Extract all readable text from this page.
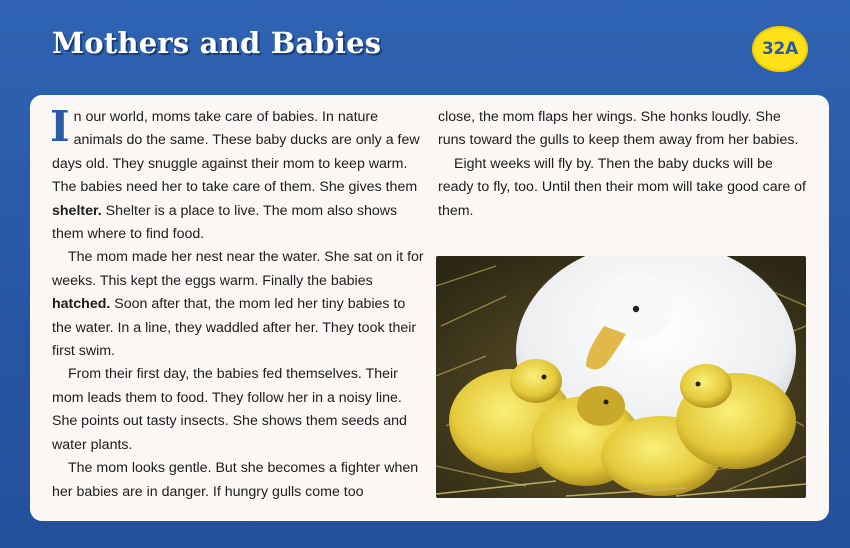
Mothers and Babies	32A

In our world, moms take care of babies. In nature animals do the same. These baby ducks are only a few days old. They snuggle against their mom to keep warm. The babies need her to take care of them. She gives them shelter. Shelter is a place to live. The mom also shows them where to find food.

The mom made her nest near the water. She sat on it for weeks. This kept the eggs warm. Finally the babies hatched. Soon after that, the mom led her tiny babies to the water. In a line, they waddled after her. They took their first swim.

From their first day, the babies fed themselves. Their mom leads them to food. They follow her in a noisy line. She points out tasty insects. She shows them seeds and water plants.

The mom looks gentle. But she becomes a fighter when her babies are in danger. If hungry gulls come too

close, the mom flaps her wings. She honks loudly. She runs toward the gulls to keep them away from her babies.

Eight weeks will fly by. Then the baby ducks will be ready to fly, too. Until then their mom will take good care of them.
